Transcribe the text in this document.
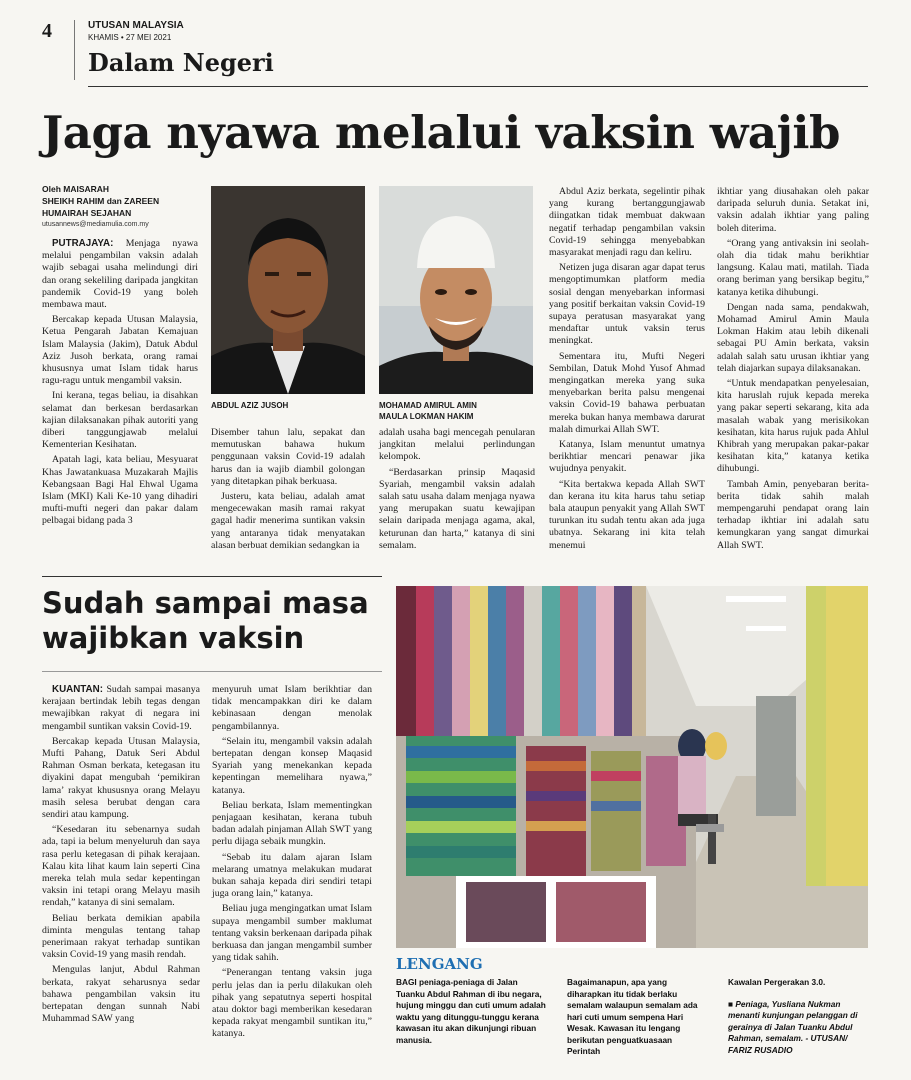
4	UTUSAN MALAYSIA
KHAMIS • 27 MEI 2021
Dalam Negeri
Jaga nyawa melalui vaksin wajib
Oleh MAISARAH
SHEIKH RAHIM dan ZAREEN
HUMAIRAH SEJAHAN
utusannews@mediamulia.com.my

PUTRAJAYA: Menjaga nyawa melalui pengambilan vaksin adalah wajib sebagai usaha melindungi diri dan orang sekeliling daripada jangkitan pandemik Covid-19 yang boleh membawa maut.

Bercakap kepada Utusan Malaysia, Ketua Pengarah Jabatan Kemajuan Islam Malaysia (Jakim), Datuk Abdul Aziz Jusoh berkata, orang ramai khususnya umat Islam tidak harus ragu-ragu untuk mengambil vaksin.

Ini kerana, tegas beliau, ia disahkan selamat dan berkesan berdasarkan kajian dilaksanakan pihak autoriti yang diberi tanggungjawab melalui Kementerian Kesihatan.

Apatah lagi, kata beliau, Mesyuarat Khas Jawatankuasa Muzakarah Majlis Kebangsaan Bagi Hal Ehwal Ugama Islam (MKI) Kali Ke-10 yang dihadiri mufti-mufti negeri dan pakar dalam pelbagai bidang pada 3

ABDUL AZIZ JUSOH	MOHAMAD AMIRUL AMIN
MAULA LOKMAN HAKIM

Disember tahun lalu, sepakat dan memutuskan bahawa hukum penggunaan vaksin Covid-19 adalah harus dan ia wajib diambil golongan yang ditetapkan pihak berkuasa.

Justeru, kata beliau, adalah amat mengecewakan masih ramai rakyat gagal hadir menerima suntikan vaksin yang antaranya tidak menyatakan alasan berbuat demikian sedangkan ia

adalah usaha bagi mencegah penularan jangkitan melalui perlindungan kelompok.

“Berdasarkan prinsip Maqasid Syariah, mengambil vaksin adalah salah satu usaha dalam menjaga nyawa yang merupakan suatu kewajipan selain daripada menjaga agama, akal, keturunan dan harta,” katanya di sini semalam.

Abdul Aziz berkata, segelintir pihak yang kurang bertanggungjawab diingatkan tidak membuat dakwaan negatif terhadap pengambilan vaksin Covid-19 sehingga menyebabkan masyarakat menjadi ragu dan keliru.

Netizen juga disaran agar dapat terus mengoptimumkan platform media sosial dengan menyebarkan informasi yang positif berkaitan vaksin Covid-19 supaya peratusan masyarakat yang mendaftar untuk vaksin terus meningkat.

Sementara itu, Mufti Negeri Sembilan, Datuk Mohd Yusof Ahmad mengingatkan mereka yang suka menyebarkan berita palsu mengenai vaksin Covid-19 bahawa perbuatan mereka bukan hanya membawa darurat malah dimurkai Allah SWT.

Katanya, Islam menuntut umatnya berikhtiar mencari penawar jika wujudnya penyakit.

“Kita bertakwa kepada Allah SWT dan kerana itu kita harus tahu setiap bala ataupun penyakit yang Allah SWT turunkan itu sudah tentu akan ada juga ubatnya. Sekarang ini kita telah menemui

ikhtiar yang diusahakan oleh pakar daripada seluruh dunia. Setakat ini, vaksin adalah ikhtiar yang paling boleh diterima.

“Orang yang antivaksin ini seolah-olah dia tidak mahu berikhtiar langsung. Kalau mati, matilah. Tiada orang beriman yang bersikap begitu,” katanya ketika dihubungi.

Dengan nada sama, pendakwah, Mohamad Amirul Amin Maula Lokman Hakim atau lebih dikenali sebagai PU Amin berkata, vaksin adalah salah satu urusan ikhtiar yang telah diajarkan supaya dilaksanakan.

“Untuk mendapatkan penyelesaian, kita haruslah rujuk kepada mereka yang pakar seperti sekarang, kita ada masalah wabak yang merisikokan kesihatan, kita harus rujuk pada Ahlul Khibrah yang merupakan pakar-pakar kesihatan kita,” katanya ketika dihubungi.

Tambah Amin, penyebaran berita-berita tidak sahih malah mempengaruhi pendapat orang lain terhadap ikhtiar ini adalah satu kemungkaran yang sangat dimurkai Allah SWT.

Sudah sampai masa
wajibkan vaksin

KUANTAN: Sudah sampai masanya kerajaan bertindak lebih tegas dengan mewajibkan rakyat di negara ini mengambil suntikan vaksin Covid-19.

Bercakap kepada Utusan Malaysia, Mufti Pahang, Datuk Seri Abdul Rahman Osman berkata, ketegasan itu diyakini dapat mengubah ‘pemikiran lama’ rakyat khususnya orang Melayu masih selesa berubat dengan cara sendiri atau kampung.

“Kesedaran itu sebenarnya sudah ada, tapi ia belum menyeluruh dan saya rasa perlu ketegasan di pihak kerajaan. Kalau kita lihat kaum lain seperti Cina mereka telah mula sedar kepentingan vaksin ini tetapi orang Melayu masih rendah,” katanya di sini semalam.

Beliau berkata demikian apabila diminta mengulas tentang tahap penerimaan rakyat terhadap suntikan vaksin Covid-19 yang masih rendah.

Mengulas lanjut, Abdul Rahman berkata, rakyat seharusnya sedar bahawa pengambilan vaksin itu bertepatan dengan sunnah Nabi Muhammad SAW yang

menyuruh umat Islam berikhtiar dan tidak mencampakkan diri ke dalam kebinasaan dengan menolak pengambilannya.

“Selain itu, mengambil vaksin adalah bertepatan dengan konsep Maqasid Syariah yang menekankan kepada kepentingan memelihara nyawa,” katanya.

Beliau berkata, Islam mementingkan penjagaan kesihatan, kerana tubuh badan adalah pinjaman Allah SWT yang perlu dijaga sebaik mungkin.

“Sebab itu dalam ajaran Islam melarang umatnya melakukan mudarat bukan sahaja kepada diri sendiri tetapi juga orang lain,” katanya.

Beliau juga mengingatkan umat Islam supaya mengambil sumber maklumat tentang vaksin berkenaan daripada pihak berkuasa dan jangan mengambil sumber yang tidak sahih.

“Penerangan tentang vaksin juga perlu jelas dan ia perlu dilakukan oleh pihak yang sepatutnya seperti hospital atau doktor bagi memberikan kesedaran kepada rakyat mengambil suntikan itu,” katanya.

LENGANG
BAGI peniaga-peniaga di Jalan Tuanku Abdul Rahman di ibu negara, hujung minggu dan cuti umum adalah waktu yang ditunggu-tunggu kerana kawasan itu akan dikunjungi ribuan manusia.
Bagaimanapun, apa yang diharapkan itu tidak berlaku semalam walaupun semalam ada hari cuti umum sempena Hari Wesak. Kawasan itu lengang berikutan penguatkuasaan Perintah
Kawalan Pergerakan 3.0.
■ Peniaga, Yusliana Nukman menanti kunjungan pelanggan di gerainya di Jalan Tuanku Abdul Rahman, semalam. - UTUSAN/ FARIZ RUSADIO
